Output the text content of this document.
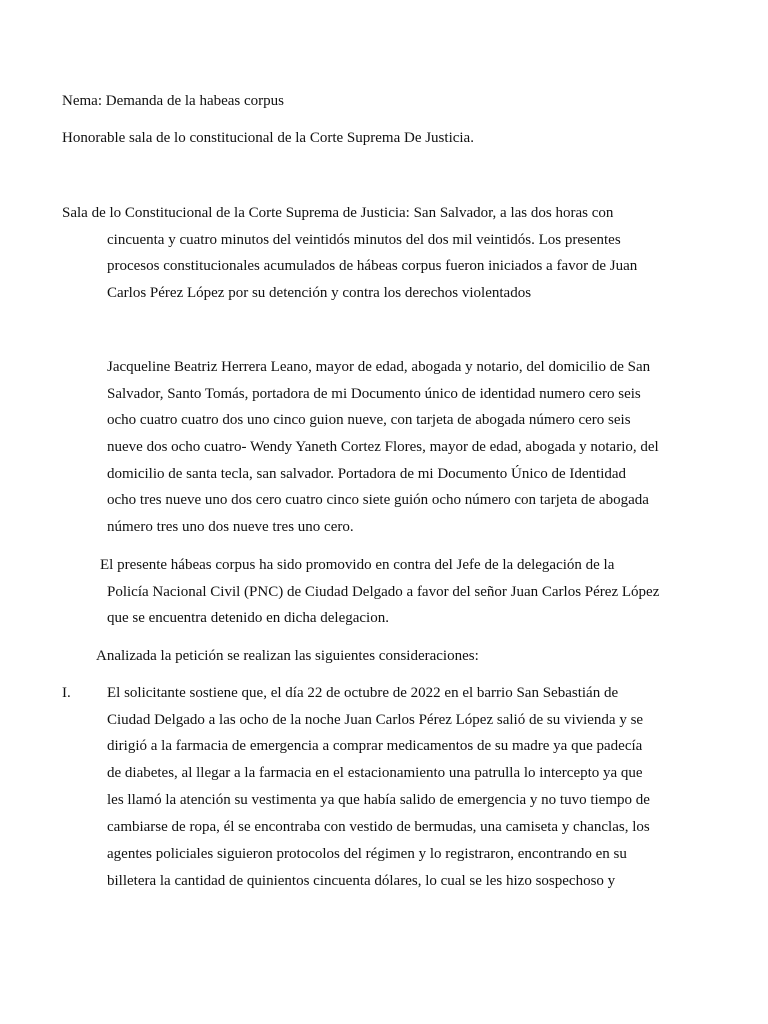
Nema: Demanda de la habeas corpus
Honorable sala de lo constitucional de la Corte Suprema De Justicia.
Sala de lo Constitucional de la Corte Suprema de Justicia: San Salvador, a las dos horas con
cincuenta y cuatro minutos del veintidós minutos del dos mil veintidós. Los presentes
procesos constitucionales acumulados de hábeas corpus fueron iniciados a favor de Juan
Carlos Pérez López por su detención y contra los derechos violentados
Jacqueline Beatriz Herrera Leano, mayor de edad, abogada y notario, del domicilio de San
Salvador, Santo Tomás, portadora de mi Documento único de identidad numero cero seis
ocho cuatro cuatro dos uno cinco guion nueve, con tarjeta de abogada número cero seis
nueve dos ocho cuatro- Wendy Yaneth Cortez Flores, mayor de edad, abogada y notario, del
domicilio de santa tecla, san salvador. Portadora de mi Documento Único de Identidad
ocho tres nueve uno dos cero cuatro cinco siete guión ocho número con tarjeta de abogada
número tres uno dos nueve tres uno cero.
El presente hábeas corpus ha sido promovido en contra del Jefe de la delegación de la
Policía Nacional Civil (PNC) de Ciudad Delgado a favor del señor Juan Carlos Pérez López
que se encuentra detenido en dicha delegacion.
Analizada la petición se realizan las siguientes consideraciones:
I. El solicitante sostiene que, el día 22 de octubre de 2022 en el barrio San Sebastián de
Ciudad Delgado a las ocho de la noche Juan Carlos Pérez López salió de su vivienda y se
dirigió a la farmacia de emergencia a comprar medicamentos de su madre ya que padecía
de diabetes, al llegar a la farmacia en el estacionamiento una patrulla lo intercepto ya que
les llamó la atención su vestimenta ya que había salido de emergencia y no tuvo tiempo de
cambiarse de ropa, él se encontraba con vestido de bermudas, una camiseta y chanclas, los
agentes policiales siguieron protocolos del régimen y lo registraron, encontrando en su
billetera la cantidad de quinientos cincuenta dólares, lo cual se les hizo sospechoso y
